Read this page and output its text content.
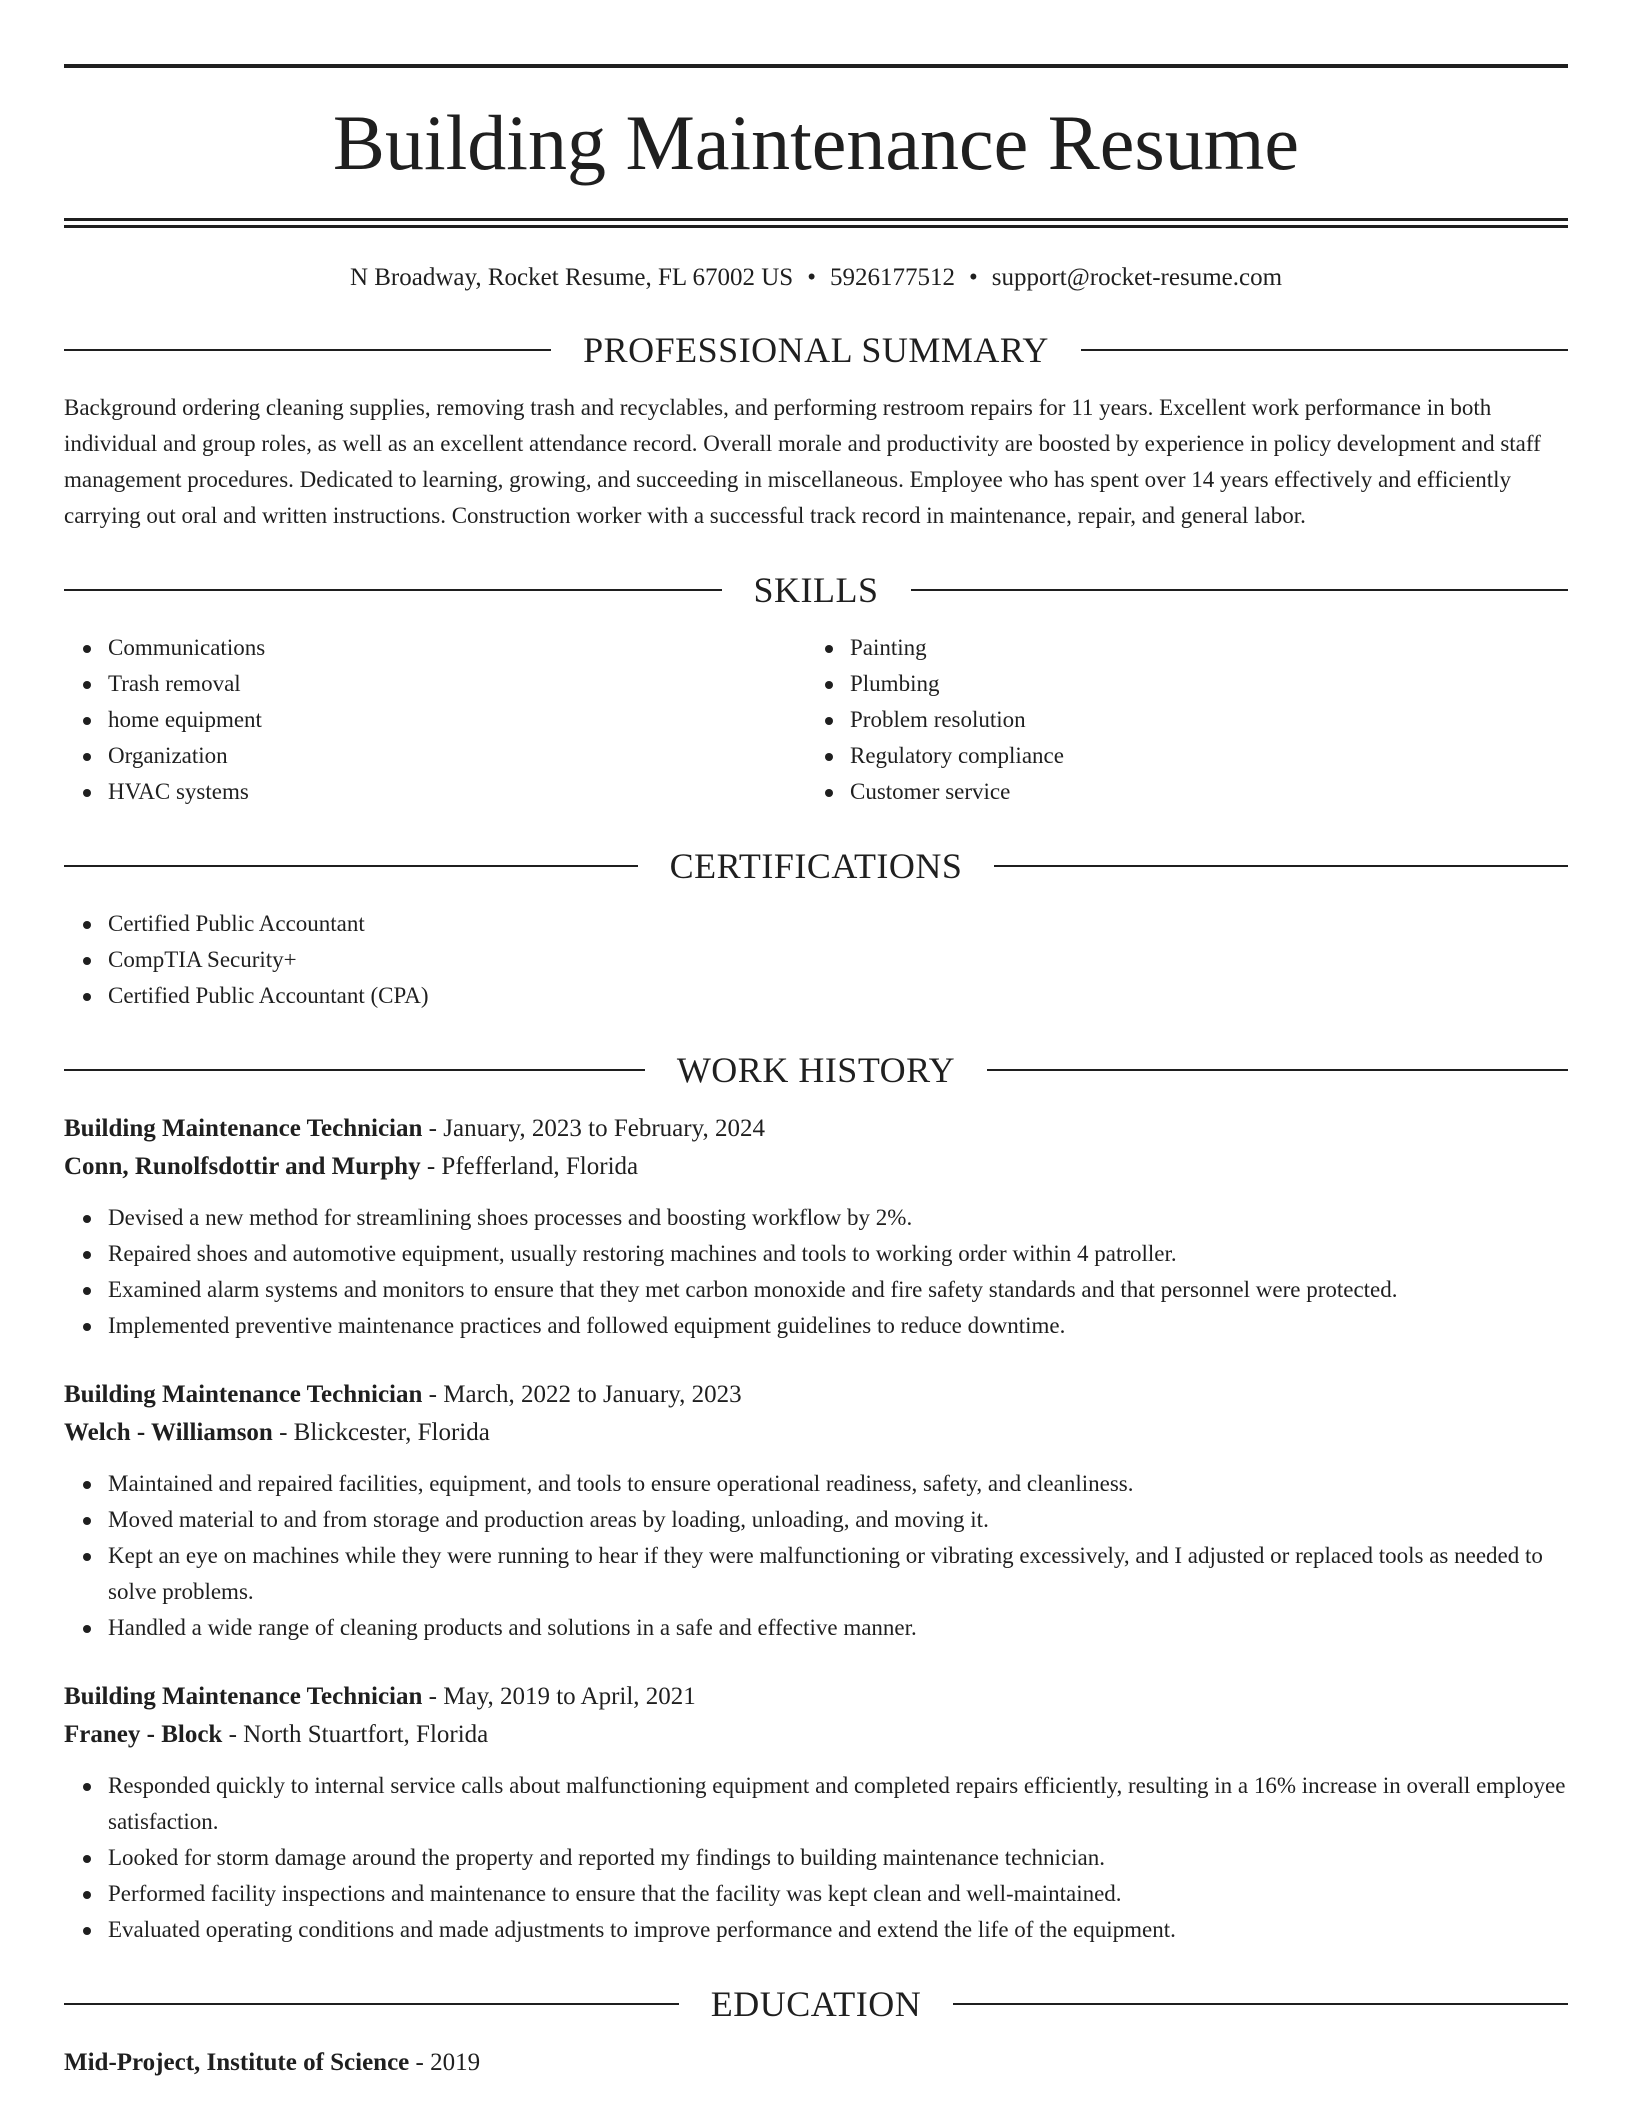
Building Maintenance Resume
N Broadway, Rocket Resume, FL 67002 US • 5926177512 • support@rocket-resume.com
PROFESSIONAL SUMMARY

Background ordering cleaning supplies, removing trash and recyclables, and performing restroom repairs for 11 years. Excellent work performance in both individual and group roles, as well as an excellent attendance record. Overall morale and productivity are boosted by experience in policy development and staff management procedures. Dedicated to learning, growing, and succeeding in miscellaneous. Employee who has spent over 14 years effectively and efficiently carrying out oral and written instructions. Construction worker with a successful track record in maintenance, repair, and general labor.

SKILLS
Communications
Trash removal
home equipment
Organization
HVAC systems
Painting
Plumbing
Problem resolution
Regulatory compliance
Customer service
CERTIFICATIONS
Certified Public Accountant
CompTIA Security+
Certified Public Accountant (CPA)
WORK HISTORY
Building Maintenance Technician - January, 2023 to February, 2024
Conn, Runolfsdottir and Murphy - Pfefferland, Florida
Devised a new method for streamlining shoes processes and boosting workflow by 2%.
Repaired shoes and automotive equipment, usually restoring machines and tools to working order within 4 patroller.
Examined alarm systems and monitors to ensure that they met carbon monoxide and fire safety standards and that personnel were protected.
Implemented preventive maintenance practices and followed equipment guidelines to reduce downtime.
Building Maintenance Technician - March, 2022 to January, 2023
Welch - Williamson - Blickcester, Florida
Maintained and repaired facilities, equipment, and tools to ensure operational readiness, safety, and cleanliness.
Moved material to and from storage and production areas by loading, unloading, and moving it.
Kept an eye on machines while they were running to hear if they were malfunctioning or vibrating excessively, and I adjusted or replaced tools as needed to solve problems.
Handled a wide range of cleaning products and solutions in a safe and effective manner.
Building Maintenance Technician - May, 2019 to April, 2021
Franey - Block - North Stuartfort, Florida
Responded quickly to internal service calls about malfunctioning equipment and completed repairs efficiently, resulting in a 16% increase in overall employee satisfaction.
Looked for storm damage around the property and reported my findings to building maintenance technician.
Performed facility inspections and maintenance to ensure that the facility was kept clean and well-maintained.
Evaluated operating conditions and made adjustments to improve performance and extend the life of the equipment.
EDUCATION
Mid-Project, Institute of Science - 2019
